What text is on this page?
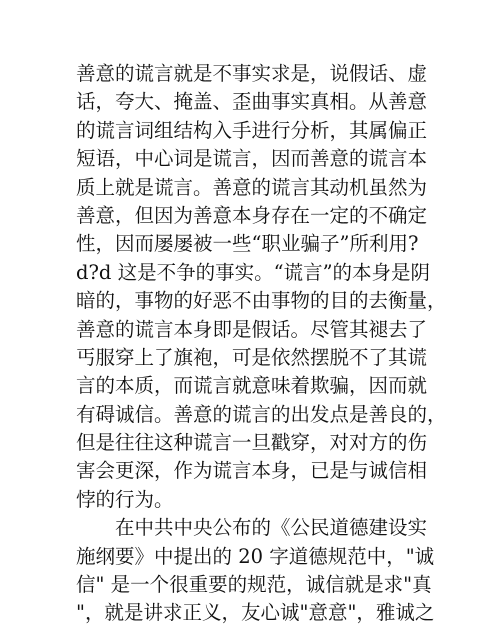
善意的谎言就是不事实求是，说假话、虚
话，夸大、掩盖、歪曲事实真相。从善意
的谎言词组结构入手进行分析，其属偏正
短语，中心词是谎言，因而善意的谎言本
质上就是谎言。善意的谎言其动机虽然为
善意，但因为善意本身存在一定的不确定
性，因而屡屡被一些“职业骗子”所利用?
d?d 这是不争的事实。“谎言”的本身是阴
暗的，事物的好恶不由事物的目的去衡量，
善意的谎言本身即是假话。尽管其褪去了
丐服穿上了旗袍，可是依然摆脱不了其谎
言的本质，而谎言就意味着欺骗，因而就
有碍诚信。善意的谎言的出发点是善良的，
但是往往这种谎言一旦戳穿，对对方的伤
害会更深，作为谎言本身，已是与诚信相
悖的行为。
在中共中央公布的《公民道德建设实
施纲要》中提出的 20 字道德规范中，"诚
信" 是一个很重要的规范，诚信就是求"真
"，就是讲求正义，友心诚"意意"，雅诚之
